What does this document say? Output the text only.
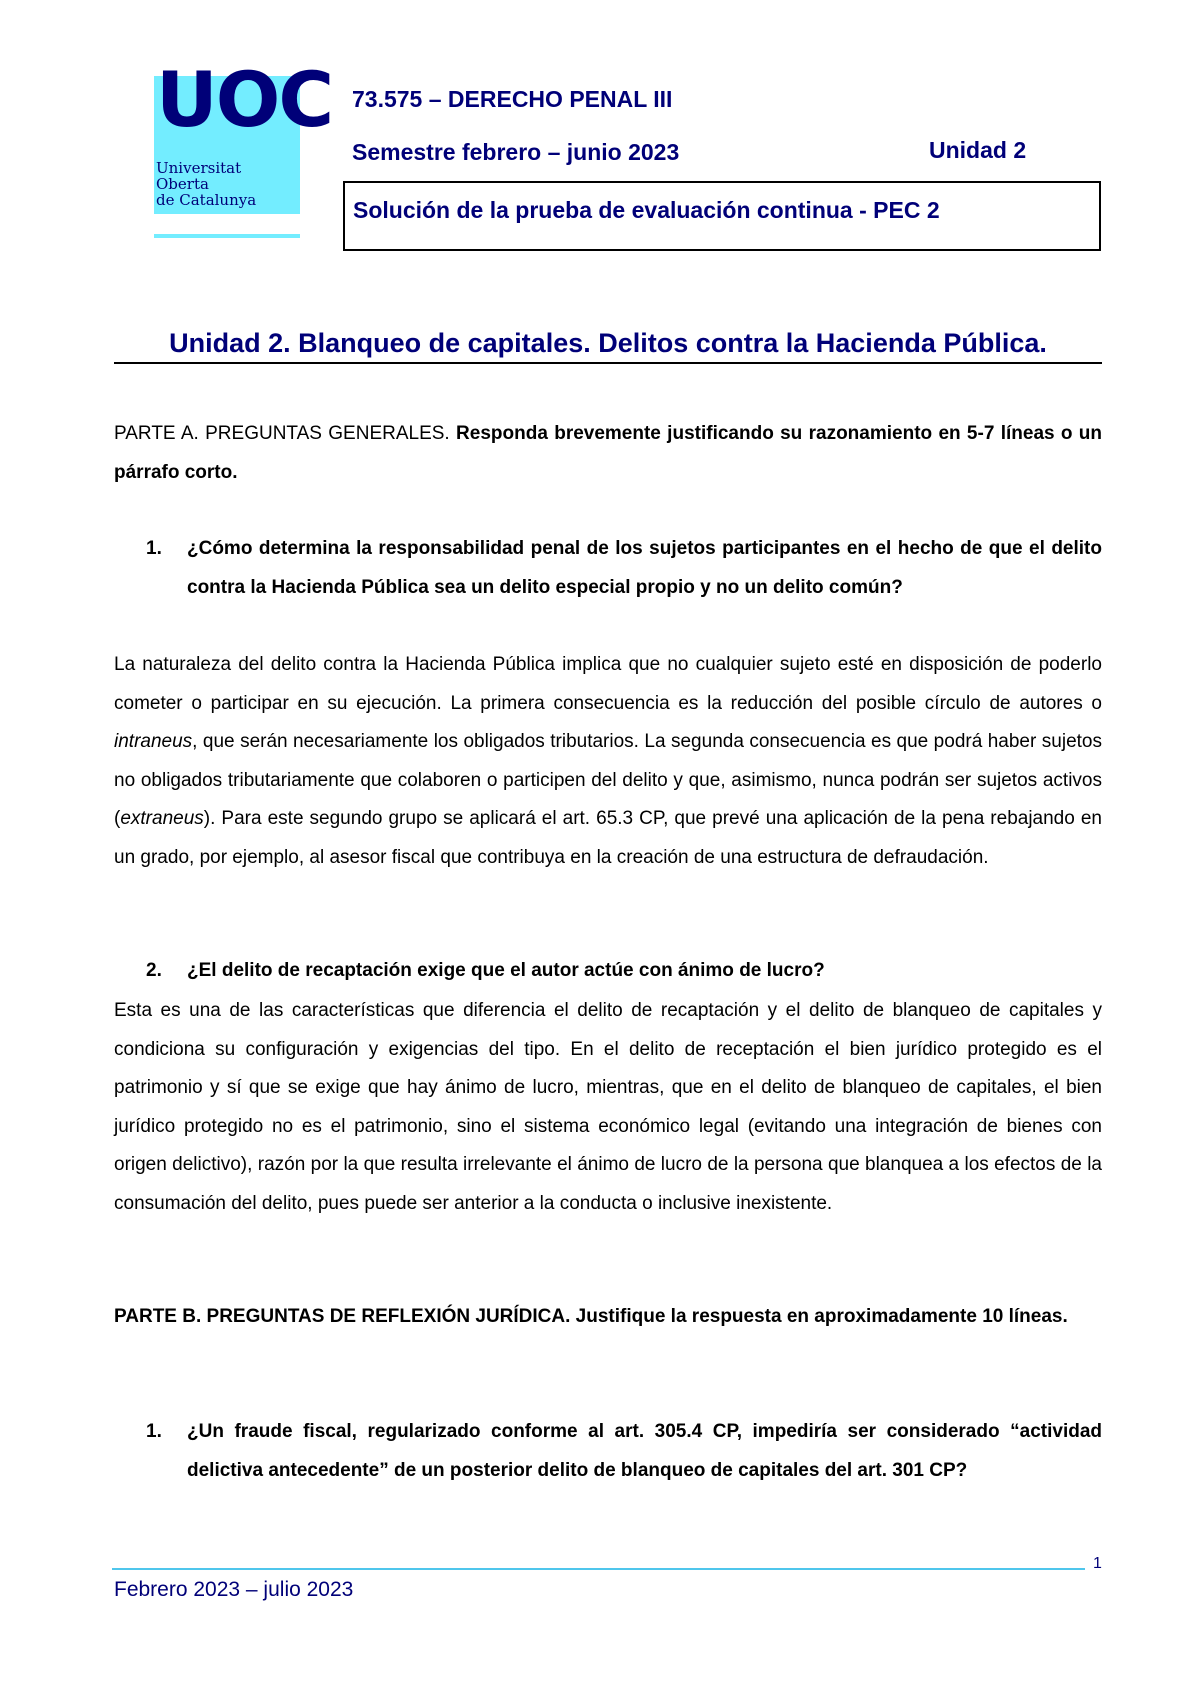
UOC
Universitat
Oberta
de Catalunya
73.575 – DERECHO PENAL III
Semestre febrero – junio 2023	Unidad 2
Solución de la prueba de evaluación continua - PEC 2
Unidad 2. Blanqueo de capitales. Delitos contra la Hacienda Pública.
PARTE A. PREGUNTAS GENERALES. Responda brevemente justificando su razonamiento en 5-7 líneas o un párrafo corto.
1. ¿Cómo determina la responsabilidad penal de los sujetos participantes en el hecho de que el delito contra la Hacienda Pública sea un delito especial propio y no un delito común?
La naturaleza del delito contra la Hacienda Pública implica que no cualquier sujeto esté en disposición de poderlo cometer o participar en su ejecución. La primera consecuencia es la reducción del posible círculo de autores o intraneus, que serán necesariamente los obligados tributarios. La segunda consecuencia es que podrá haber sujetos no obligados tributariamente que colaboren o participen del delito y que, asimismo, nunca podrán ser sujetos activos (extraneus). Para este segundo grupo se aplicará el art. 65.3 CP, que prevé una aplicación de la pena rebajando en un grado, por ejemplo, al asesor fiscal que contribuya en la creación de una estructura de defraudación.
2. ¿El delito de recaptación exige que el autor actúe con ánimo de lucro?
Esta es una de las características que diferencia el delito de recaptación y el delito de blanqueo de capitales y condiciona su configuración y exigencias del tipo. En el delito de receptación el bien jurídico protegido es el patrimonio y sí que se exige que hay ánimo de lucro, mientras, que en el delito de blanqueo de capitales, el bien jurídico protegido no es el patrimonio, sino el sistema económico legal (evitando una integración de bienes con origen delictivo), razón por la que resulta irrelevante el ánimo de lucro de la persona que blanquea a los efectos de la consumación del delito, pues puede ser anterior a la conducta o inclusive inexistente.
PARTE B. PREGUNTAS DE REFLEXIÓN JURÍDICA. Justifique la respuesta en aproximadamente 10 líneas.
1. ¿Un fraude fiscal, regularizado conforme al art. 305.4 CP, impediría ser considerado “actividad delictiva antecedente” de un posterior delito de blanqueo de capitales del art. 301 CP?
1
Febrero 2023 – julio 2023
